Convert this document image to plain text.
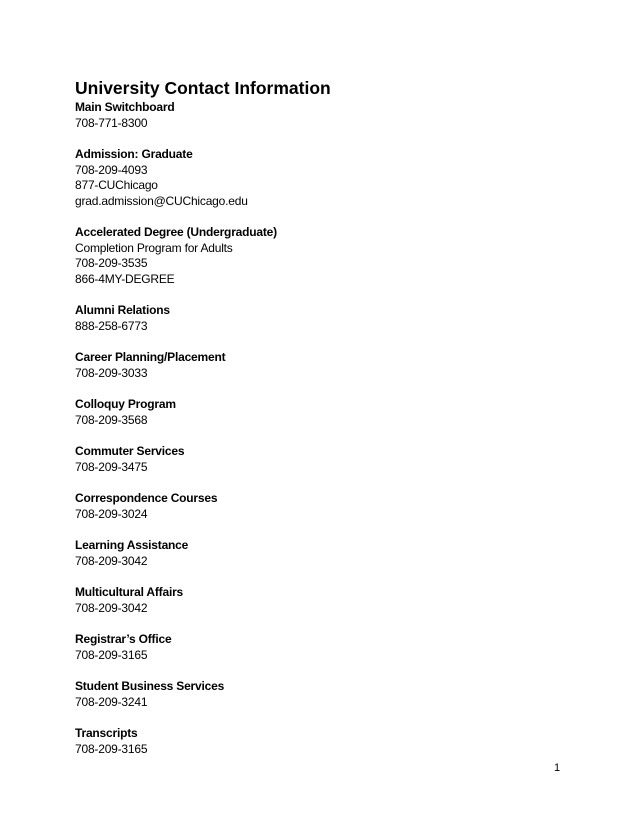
University Contact Information
Main Switchboard
708-771-8300
Admission: Graduate
708-209-4093
877-CUChicago
grad.admission@CUChicago.edu
Accelerated Degree (Undergraduate)
Completion Program for Adults
708-209-3535
866-4MY-DEGREE
Alumni Relations
888-258-6773
Career Planning/Placement
708-209-3033
Colloquy Program
708-209-3568
Commuter Services
708-209-3475
Correspondence Courses
708-209-3024
Learning Assistance
708-209-3042
Multicultural Affairs
708-209-3042
Registrar’s Office
708-209-3165
Student Business Services
708-209-3241
Transcripts
708-209-3165
1
